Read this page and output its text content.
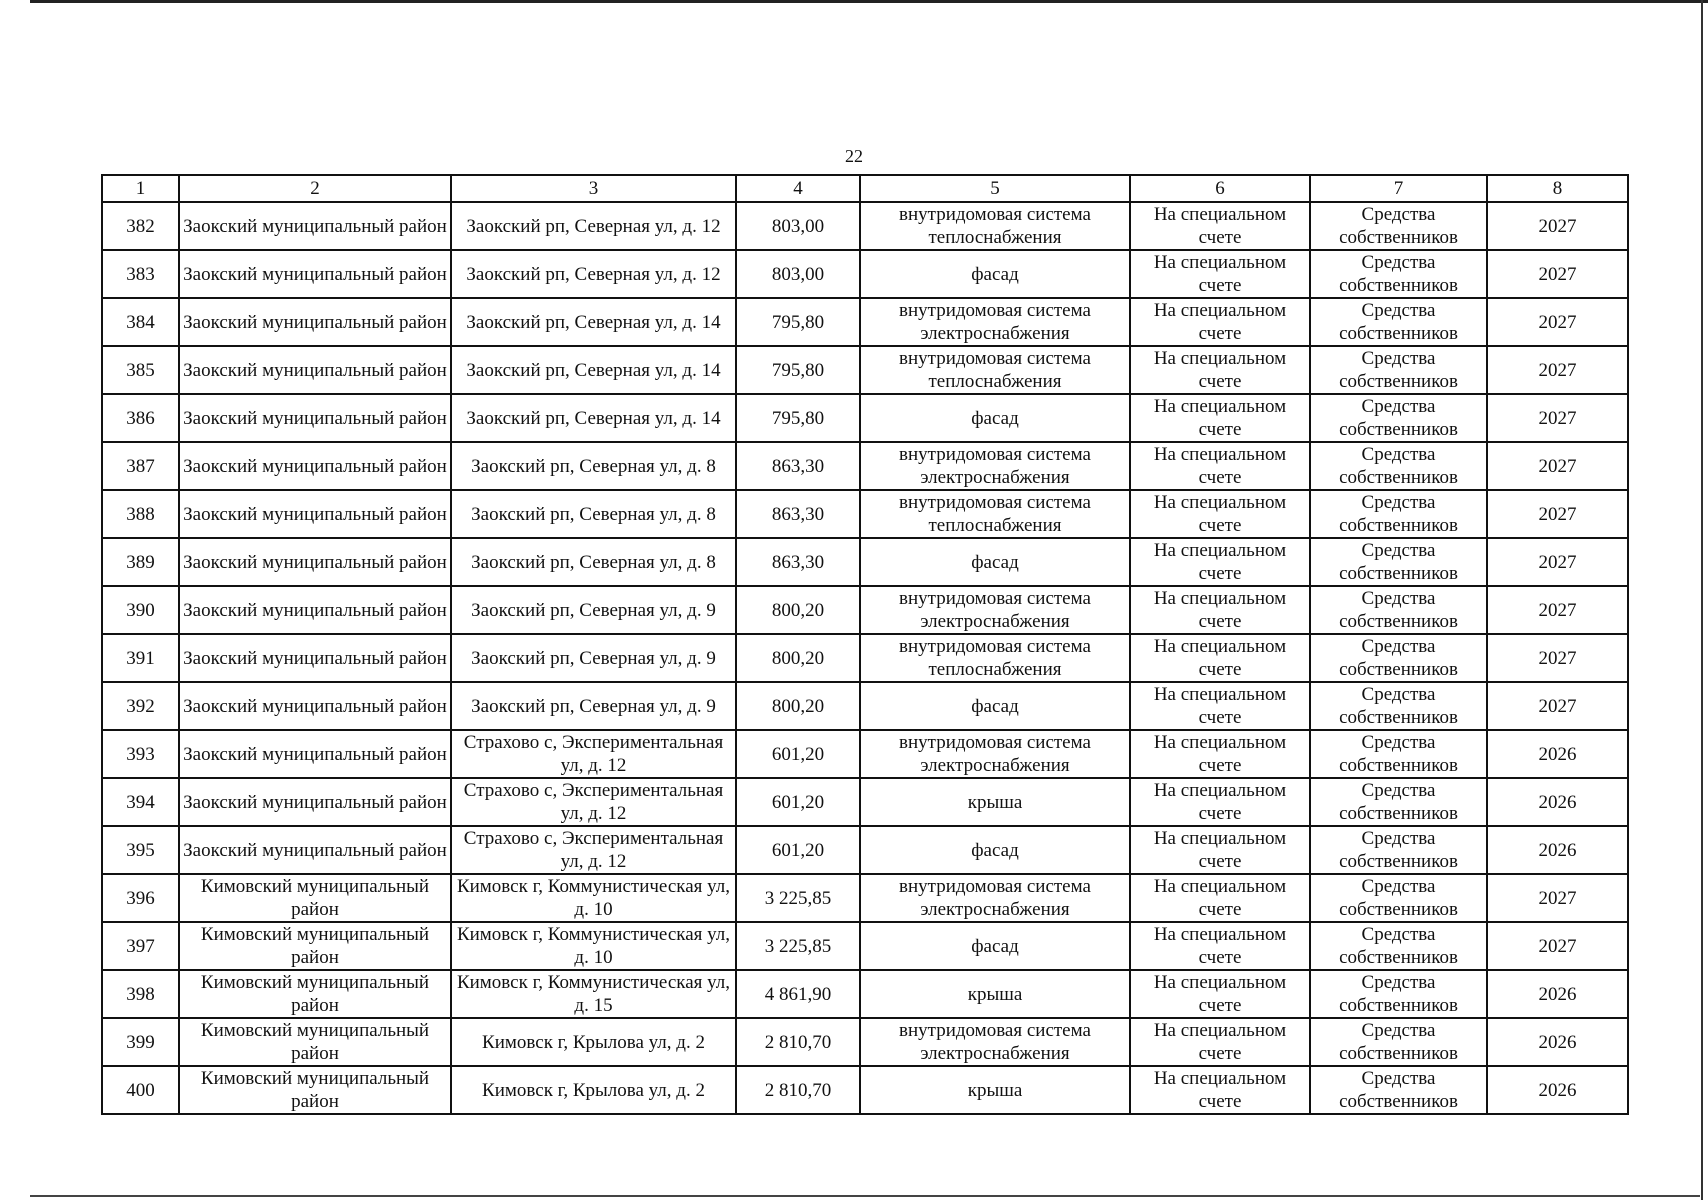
22
1	2	3	4	5	6	7	8
382	Заокский муниципальный район	Заокский рп, Северная ул, д. 12	803,00	внутридомовая система теплоснабжения	На специальном счете	Средства собственников	2027
383	Заокский муниципальный район	Заокский рп, Северная ул, д. 12	803,00	фасад	На специальном счете	Средства собственников	2027
384	Заокский муниципальный район	Заокский рп, Северная ул, д. 14	795,80	внутридомовая система электроснабжения	На специальном счете	Средства собственников	2027
385	Заокский муниципальный район	Заокский рп, Северная ул, д. 14	795,80	внутридомовая система теплоснабжения	На специальном счете	Средства собственников	2027
386	Заокский муниципальный район	Заокский рп, Северная ул, д. 14	795,80	фасад	На специальном счете	Средства собственников	2027
387	Заокский муниципальный район	Заокский рп, Северная ул, д. 8	863,30	внутридомовая система электроснабжения	На специальном счете	Средства собственников	2027
388	Заокский муниципальный район	Заокский рп, Северная ул, д. 8	863,30	внутридомовая система теплоснабжения	На специальном счете	Средства собственников	2027
389	Заокский муниципальный район	Заокский рп, Северная ул, д. 8	863,30	фасад	На специальном счете	Средства собственников	2027
390	Заокский муниципальный район	Заокский рп, Северная ул, д. 9	800,20	внутридомовая система электроснабжения	На специальном счете	Средства собственников	2027
391	Заокский муниципальный район	Заокский рп, Северная ул, д. 9	800,20	внутридомовая система теплоснабжения	На специальном счете	Средства собственников	2027
392	Заокский муниципальный район	Заокский рп, Северная ул, д. 9	800,20	фасад	На специальном счете	Средства собственников	2027
393	Заокский муниципальный район	Страхово с, Экспериментальная ул, д. 12	601,20	внутридомовая система электроснабжения	На специальном счете	Средства собственников	2026
394	Заокский муниципальный район	Страхово с, Экспериментальная ул, д. 12	601,20	крыша	На специальном счете	Средства собственников	2026
395	Заокский муниципальный район	Страхово с, Экспериментальная ул, д. 12	601,20	фасад	На специальном счете	Средства собственников	2026
396	Кимовский муниципальный район	Кимовск г, Коммунистическая ул, д. 10	3 225,85	внутридомовая система электроснабжения	На специальном счете	Средства собственников	2027
397	Кимовский муниципальный район	Кимовск г, Коммунистическая ул, д. 10	3 225,85	фасад	На специальном счете	Средства собственников	2027
398	Кимовский муниципальный район	Кимовск г, Коммунистическая ул, д. 15	4 861,90	крыша	На специальном счете	Средства собственников	2026
399	Кимовский муниципальный район	Кимовск г, Крылова ул, д. 2	2 810,70	внутридомовая система электроснабжения	На специальном счете	Средства собственников	2026
400	Кимовский муниципальный район	Кимовск г, Крылова ул, д. 2	2 810,70	крыша	На специальном счете	Средства собственников	2026
